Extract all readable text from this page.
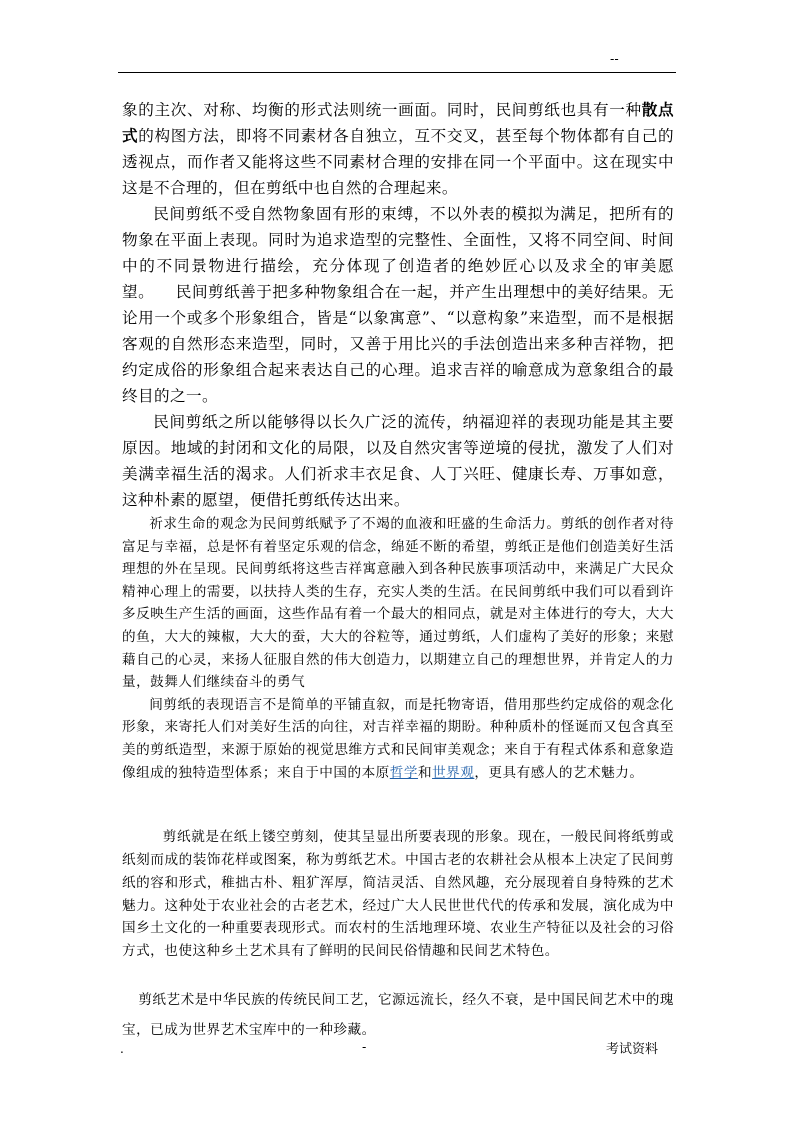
--

象的主次、对称、均衡的形式法则统一画面。同时，民间剪纸也具有一种散点式的构图方法，即将不同素材各自独立，互不交叉，甚至每个物体都有自己的透视点，而作者又能将这些不同素材合理的安排在同一个平面中。这在现实中这是不合理的，但在剪纸中也自然的合理起来。

民间剪纸不受自然物象固有形的束缚，不以外表的模拟为满足，把所有的物象在平面上表现。同时为追求造型的完整性、全面性，又将不同空间、时间中的不同景物进行描绘，充分体现了创造者的绝妙匠心以及求全的审美愿望。 民间剪纸善于把多种物象组合在一起，并产生出理想中的美好结果。无论用一个或多个形象组合，皆是“以象寓意”、“以意构象”来造型，而不是根据客观的自然形态来造型，同时，又善于用比兴的手法创造出来多种吉祥物，把约定成俗的形象组合起来表达自己的心理。追求吉祥的喻意成为意象组合的最终目的之一。

民间剪纸之所以能够得以长久广泛的流传，纳福迎祥的表现功能是其主要原因。地域的封闭和文化的局限，以及自然灾害等逆境的侵扰，激发了人们对美满幸福生活的渴求。人们祈求丰衣足食、人丁兴旺、健康长寿、万事如意，这种朴素的愿望，便借托剪纸传达出来。

祈求生命的观念为民间剪纸赋予了不竭的血液和旺盛的生命活力。剪纸的创作者对待富足与幸福，总是怀有着坚定乐观的信念，绵延不断的希望，剪纸正是他们创造美好生活理想的外在呈现。民间剪纸将这些吉祥寓意融入到各种民族事项活动中，来满足广大民众精神心理上的需要，以扶持人类的生存，充实人类的生活。在民间剪纸中我们可以看到许多反映生产生活的画面，这些作品有着一个最大的相同点，就是对主体进行的夸大，大大的鱼，大大的辣椒，大大的蚕，大大的谷粒等，通过剪纸，人们虚构了美好的形象；来慰藉自己的心灵，来扬人征服自然的伟大创造力，以期建立自己的理想世界，并肯定人的力量，鼓舞人们继续奋斗的勇气

间剪纸的表现语言不是简单的平铺直叙，而是托物寄语，借用那些约定成俗的观念化形象，来寄托人们对美好生活的向往，对吉祥幸福的期盼。种种质朴的怪诞而又包含真至美的剪纸造型，来源于原始的视觉思维方式和民间审美观念；来自于有程式体系和意象造像组成的独特造型体系；来自于中国的本原哲学和世界观，更具有感人的艺术魅力。

剪纸就是在纸上镂空剪刻，使其呈显出所要表现的形象。现在，一般民间将纸剪或纸刻而成的装饰花样或图案，称为剪纸艺术。中国古老的农耕社会从根本上决定了民间剪纸的容和形式，稚拙古朴、粗犷浑厚，简洁灵活、自然风趣，充分展现着自身特殊的艺术魅力。这种处于农业社会的古老艺术，经过广大人民世世代代的传承和发展，演化成为中国乡土文化的一种重要表现形式。而农村的生活地理环境、农业生产特征以及社会的习俗方式，也使这种乡土艺术具有了鲜明的民间民俗情趣和民间艺术特色。

剪纸艺术是中华民族的传统民间工艺，它源远流长，经久不衰，是中国民间艺术中的瑰宝，已成为世界艺术宝库中的一种珍藏。

.	-	考试资料
